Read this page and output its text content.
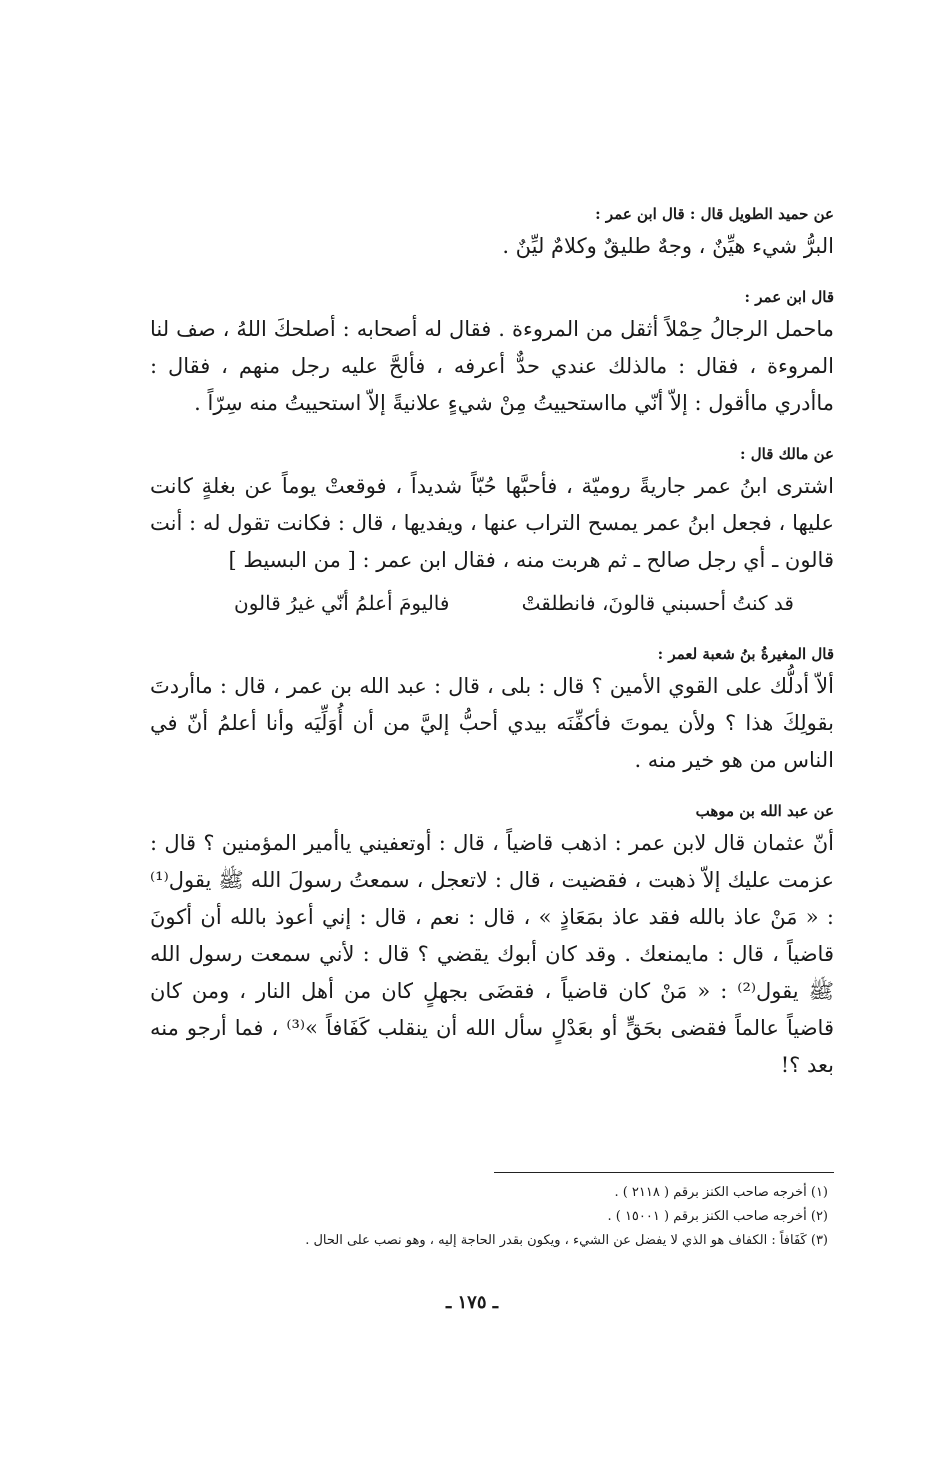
عن حميد الطويل قال : قال ابن عمر :

البرُّ شيء هيِّنٌ ، وجهٌ طليقٌ وكلامٌ ليِّنٌ .

قال ابن عمر :

ماحمل الرجالُ حِمْلاً أثقل من المروءة . فقال له أصحابه : أصلحكَ اللهُ ، صف لنا المروءة ، فقال : مالذلك عندي حدٌّ أعرفه ، فألحَّ عليه رجل منهم ، فقال : ماأدري ماأقول : إلاّ أنّي مااستحييتُ مِنْ شيءٍ علانيةً إلاّ استحييتُ منه سِرّاً .

عن مالك قال :

اشترى ابنُ عمر جاريةً روميّة ، فأحبَّها حُبّاً شديداً ، فوقعتْ يوماً عن بغلةٍ كانت عليها ، فجعل ابنُ عمر يمسح التراب عنها ، ويفديها ، قال : فكانت تقول له : أنت قالون ـ أي رجل صالح ـ ثم هربت منه ، فقال ابن عمر : [ من البسيط ]

قد كنتُ أحسبني قالونَ، فانطلقتْ
فاليومَ أعلمُ أنّي غيرُ قالون

قال المغيرةُ بنُ شعبة لعمر :

ألاّ أدلُّك على القوي الأمين ؟ قال : بلى ، قال : عبد الله بن عمر ، قال : ماأردتَ بقولِكَ هذا ؟ ولأن يموتَ فأكفِّنَه بيدي أحبُّ إليَّ من أن أُوَلِّيَه وأنا أعلمُ أنّ في الناس من هو خير منه .

عن عبد الله بن موهب

أنّ عثمان قال لابن عمر : اذهب قاضياً ، قال : أوتعفيني ياأمير المؤمنين ؟ قال : عزمت عليك إلاّ ذهبت ، فقضيت ، قال : لاتعجل ، سمعتُ رسولَ الله ﷺ يقول⁽¹⁾ : « مَنْ عاذ بالله فقد عاذ بمَعَاذٍ » ، قال : نعم ، قال : إني أعوذ بالله أن أكونَ قاضياً ، قال : مايمنعك . وقد كان أبوك يقضي ؟ قال : لأني سمعت رسول الله ﷺ يقول⁽²⁾ : « مَنْ كان قاضياً ، فقضَى بجهلٍ كان من أهل النار ، ومن كان قاضياً عالماً فقضى بحَقٍّ أو بعَدْلٍ سأل الله أن ينقلب كَفَافاً »⁽³⁾ ، فما أرجو منه بعد ؟!

(١) أخرجه صاحب الكنز برقم ( ٢١١٨ ) .

(٢) أخرجه صاحب الكنز برقم ( ١٥٠٠١ ) .

(٣) كَفَافاً : الكفاف هو الذي لا يفضل عن الشيء ، ويكون بقدر الحاجة إليه ، وهو نصب على الحال .

ـ ١٧٥ ـ
